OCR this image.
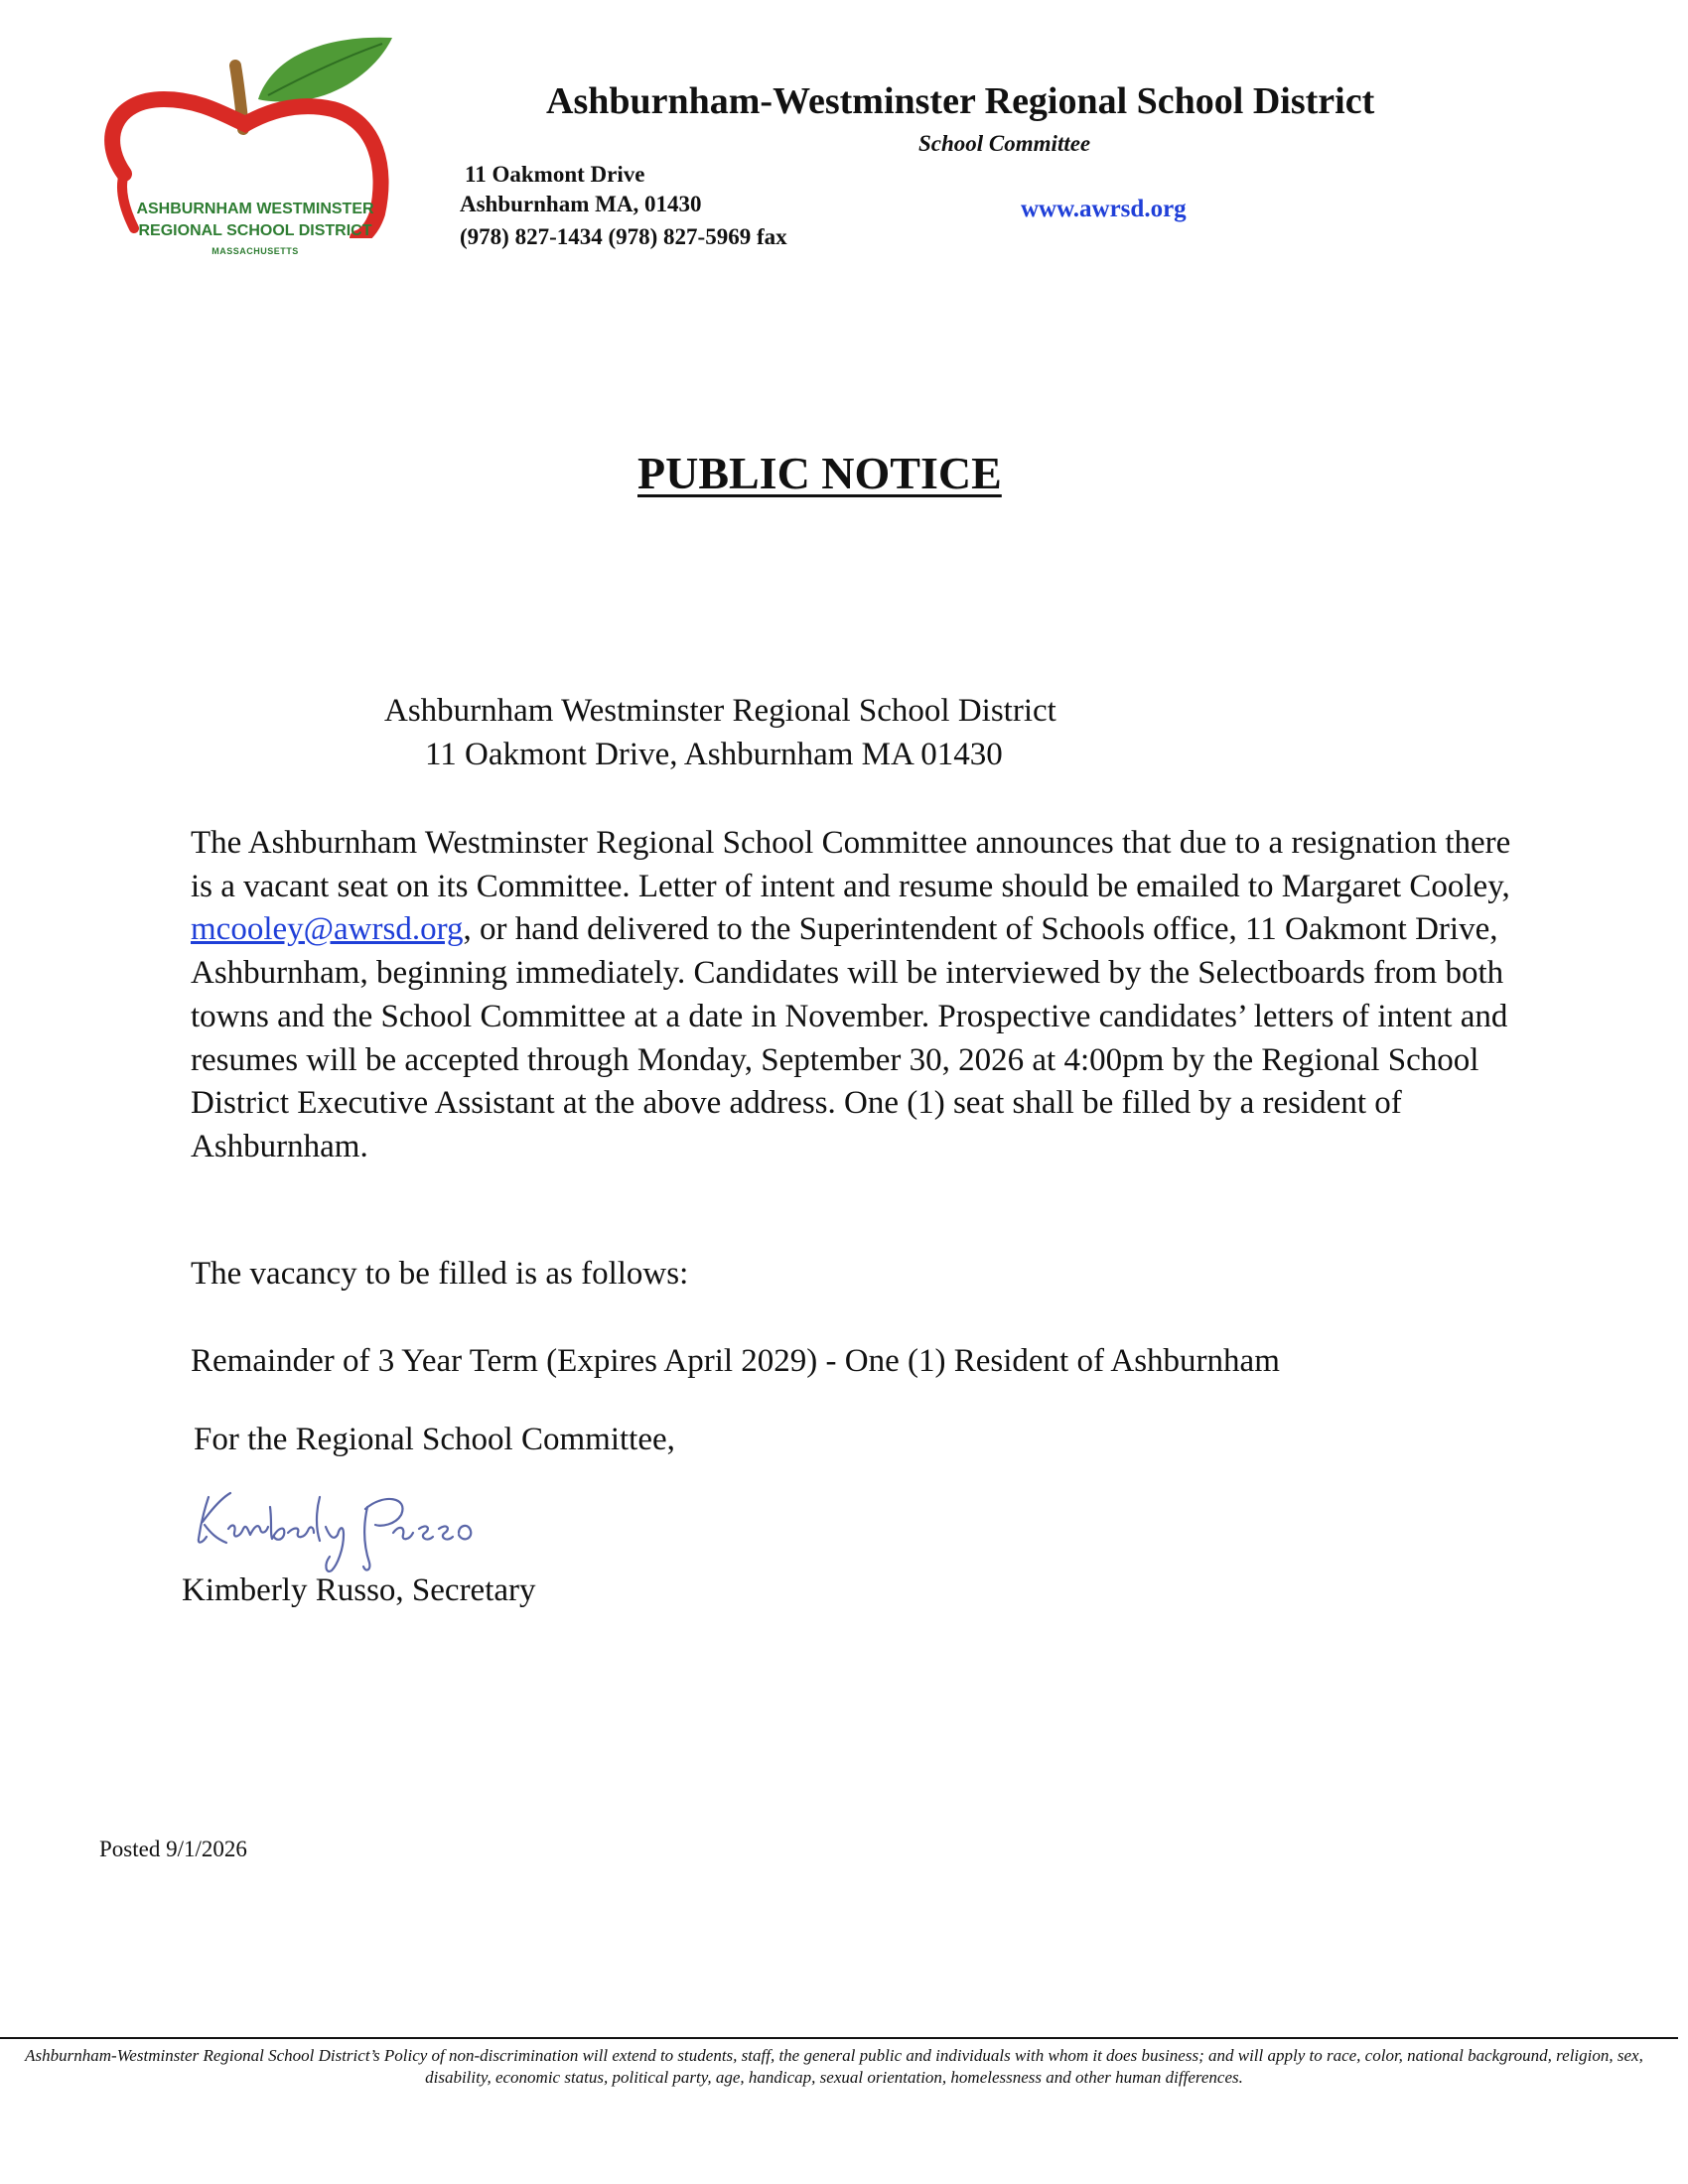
ASHBURNHAM WESTMINSTER
REGIONAL SCHOOL DISTRICT
MASSACHUSETTS
Ashburnham-Westminster Regional School District
School Committee
11 Oakmont Drive
Ashburnham MA, 01430
(978) 827-1434 (978) 827-5969 fax
www.awrsd.org
PUBLIC NOTICE
Ashburnham Westminster Regional School District
11 Oakmont Drive, Ashburnham MA 01430
The Ashburnham Westminster Regional School Committee announces that due to a resignation there is a vacant seat on its Committee. Letter of intent and resume should be emailed to Margaret Cooley, mcooley@awrsd.org, or hand delivered to the Superintendent of Schools office, 11 Oakmont Drive, Ashburnham, beginning immediately. Candidates will be interviewed by the Selectboards from both towns and the School Committee at a date in November. Prospective candidates’ letters of intent and resumes will be accepted through Monday, September 30, 2026 at 4:00pm by the Regional School District Executive Assistant at the above address. One (1) seat shall be filled by a resident of Ashburnham.
The vacancy to be filled is as follows:
Remainder of 3 Year Term (Expires April 2029) - One (1) Resident of Ashburnham
For the Regional School Committee,
Kimberly Russo, Secretary
Posted 9/1/2026
Ashburnham-Westminster Regional School District’s Policy of non-discrimination will extend to students, staff, the general public and individuals with whom it does business; and will apply to race, color, national background, religion, sex, disability, economic status, political party, age, handicap, sexual orientation, homelessness and other human differences.
